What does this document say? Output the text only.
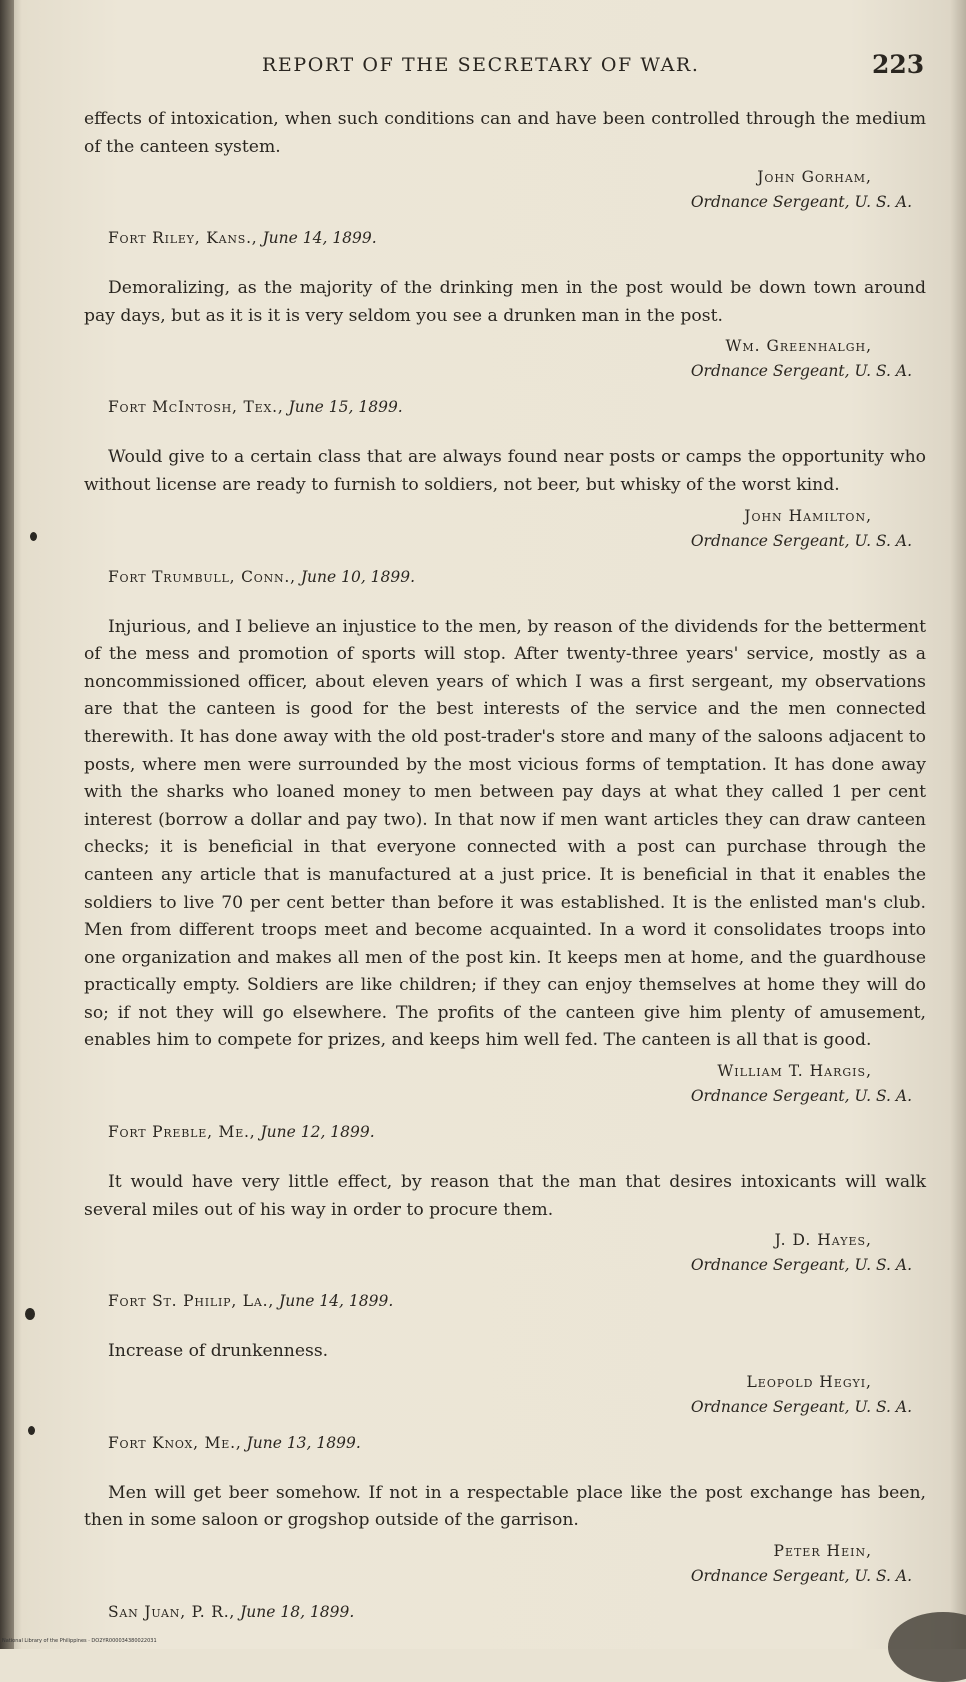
REPORT OF THE SECRETARY OF WAR.	223

effects of intoxication, when such conditions can and have been controlled through the medium of the canteen system.

John Gorham,
Ordnance Sergeant, U. S. A.
Fort Riley, Kans., June 14, 1899.

Demoralizing, as the majority of the drinking men in the post would be down town around pay days, but as it is it is very seldom you see a drunken man in the post.

Wm. Greenhalgh,
Ordnance Sergeant, U. S. A.
Fort McIntosh, Tex., June 15, 1899.

Would give to a certain class that are always found near posts or camps the opportunity who without license are ready to furnish to soldiers, not beer, but whisky of the worst kind.

John Hamilton,
Ordnance Sergeant, U. S. A.
Fort Trumbull, Conn., June 10, 1899.

Injurious, and I believe an injustice to the men, by reason of the dividends for the betterment of the mess and promotion of sports will stop. After twenty-three years' service, mostly as a noncommissioned officer, about eleven years of which I was a first sergeant, my observations are that the canteen is good for the best interests of the service and the men connected therewith. It has done away with the old post-trader's store and many of the saloons adjacent to posts, where men were surrounded by the most vicious forms of temptation. It has done away with the sharks who loaned money to men between pay days at what they called 1 per cent interest (borrow a dollar and pay two). In that now if men want articles they can draw canteen checks; it is beneficial in that everyone connected with a post can purchase through the canteen any article that is manufactured at a just price. It is beneficial in that it enables the soldiers to live 70 per cent better than before it was established. It is the enlisted man's club. Men from different troops meet and become acquainted. In a word it consolidates troops into one organization and makes all men of the post kin. It keeps men at home, and the guardhouse practically empty. Soldiers are like children; if they can enjoy themselves at home they will do so; if not they will go elsewhere. The profits of the canteen give him plenty of amusement, enables him to compete for prizes, and keeps him well fed. The canteen is all that is good.

William T. Hargis,
Ordnance Sergeant, U. S. A.
Fort Preble, Me., June 12, 1899.

It would have very little effect, by reason that the man that desires intoxicants will walk several miles out of his way in order to procure them.

J. D. Hayes,
Ordnance Sergeant, U. S. A.
Fort St. Philip, La., June 14, 1899.

Increase of drunkenness.

Leopold Hegyi,
Ordnance Sergeant, U. S. A.
Fort Knox, Me., June 13, 1899.

Men will get beer somehow. If not in a respectable place like the post exchange has been, then in some saloon or grogshop outside of the garrison.

Peter Hein,
Ordnance Sergeant, U. S. A.
San Juan, P. R., June 18, 1899.
National Library of the Philippines · DO2YR000034380022031
